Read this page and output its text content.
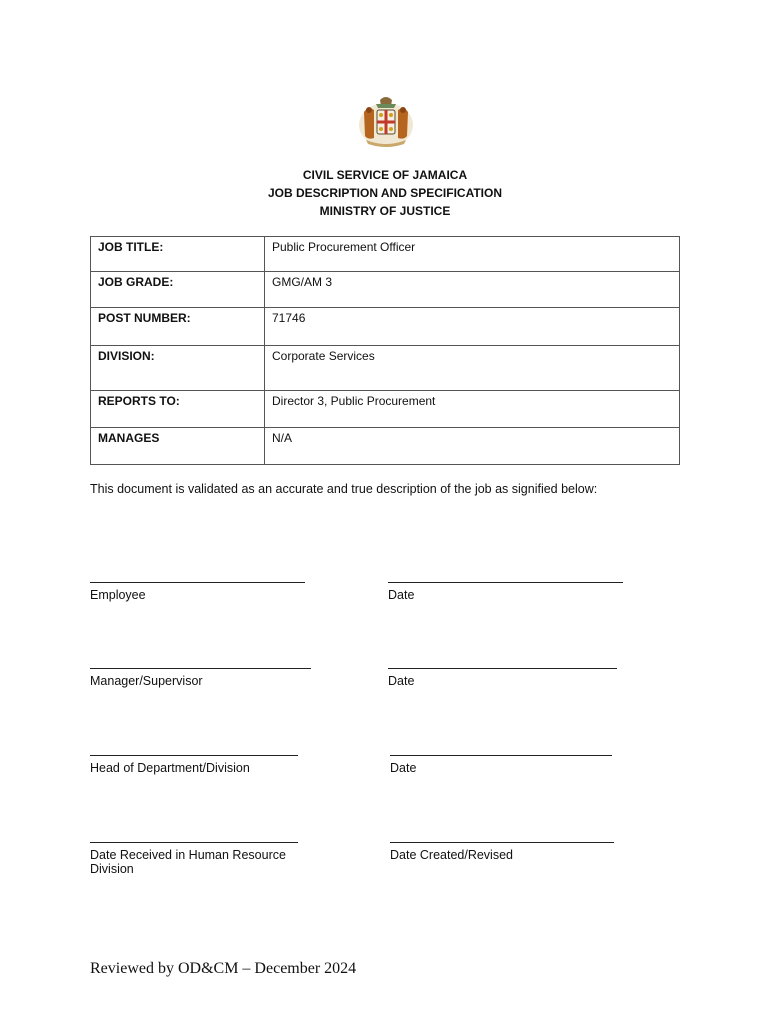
CIVIL SERVICE OF JAMAICA
JOB DESCRIPTION AND SPECIFICATION
MINISTRY OF JUSTICE
JOB TITLE:	Public Procurement Officer
JOB GRADE:	GMG/AM 3
POST NUMBER:	71746
DIVISION:	Corporate Services
REPORTS TO:	Director 3, Public Procurement
MANAGES	N/A
This document is validated as an accurate and true description of the job as signified below:
Employee	Date
Manager/Supervisor	Date
Head of Department/Division	Date
Date Received in Human Resource Division
Date Created/Revised
Reviewed by OD&CM – December 2024
